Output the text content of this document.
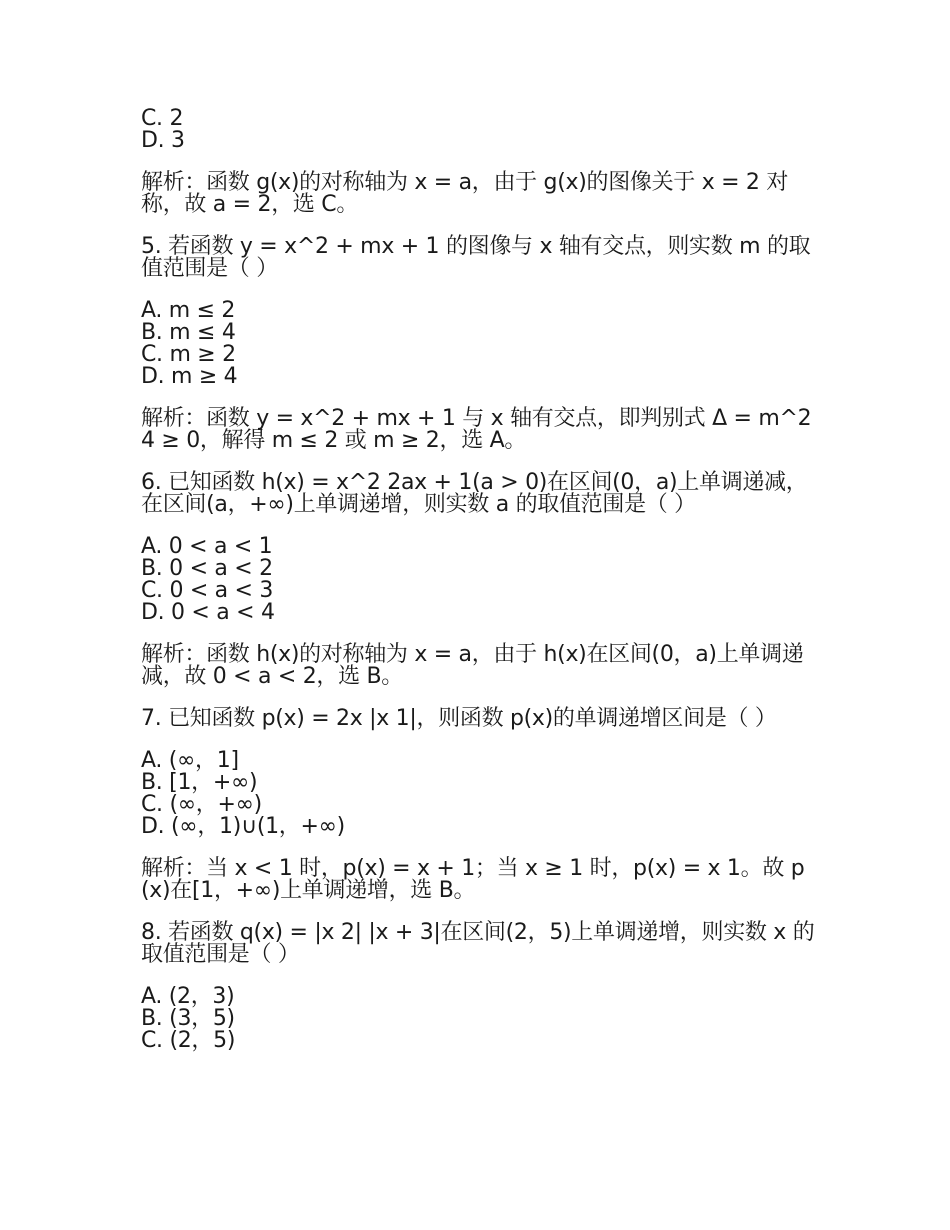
C. 2
D. 3
解析：函数 g(x)的对称轴为 x = a，由于 g(x)的图像关于 x = 2 对称，故 a = 2，选 C。
5. 若函数 y = x^2 + mx + 1 的图像与 x 轴有交点，则实数 m 的取值范围是（ ）
A. m ≤ 2
B. m ≤ 4
C. m ≥ 2
D. m ≥ 4
解析：函数 y = x^2 + mx + 1 与 x 轴有交点，即判别式 Δ = m^2 4 ≥ 0，解得 m ≤ 2 或 m ≥ 2，选 A。
6. 已知函数 h(x) = x^2 2ax + 1(a > 0)在区间(0，a)上单调递减，在区间(a，+∞)上单调递增，则实数 a 的取值范围是（ ）
A. 0 < a < 1
B. 0 < a < 2
C. 0 < a < 3
D. 0 < a < 4
解析：函数 h(x)的对称轴为 x = a，由于 h(x)在区间(0，a)上单调递减，故 0 < a < 2，选 B。
7. 已知函数 p(x) = 2x |x 1|，则函数 p(x)的单调递增区间是（ ）
A. (∞，1]
B. [1，+∞)
C. (∞，+∞)
D. (∞，1)∪(1，+∞)
解析：当 x < 1 时，p(x) = x + 1；当 x ≥ 1 时，p(x) = x 1。故 p(x)在[1，+∞)上单调递增，选 B。
8. 若函数 q(x) = |x 2| |x + 3|在区间(2，5)上单调递增，则实数 x 的取值范围是（ ）
A. (2，3)
B. (3，5)
C. (2，5)
